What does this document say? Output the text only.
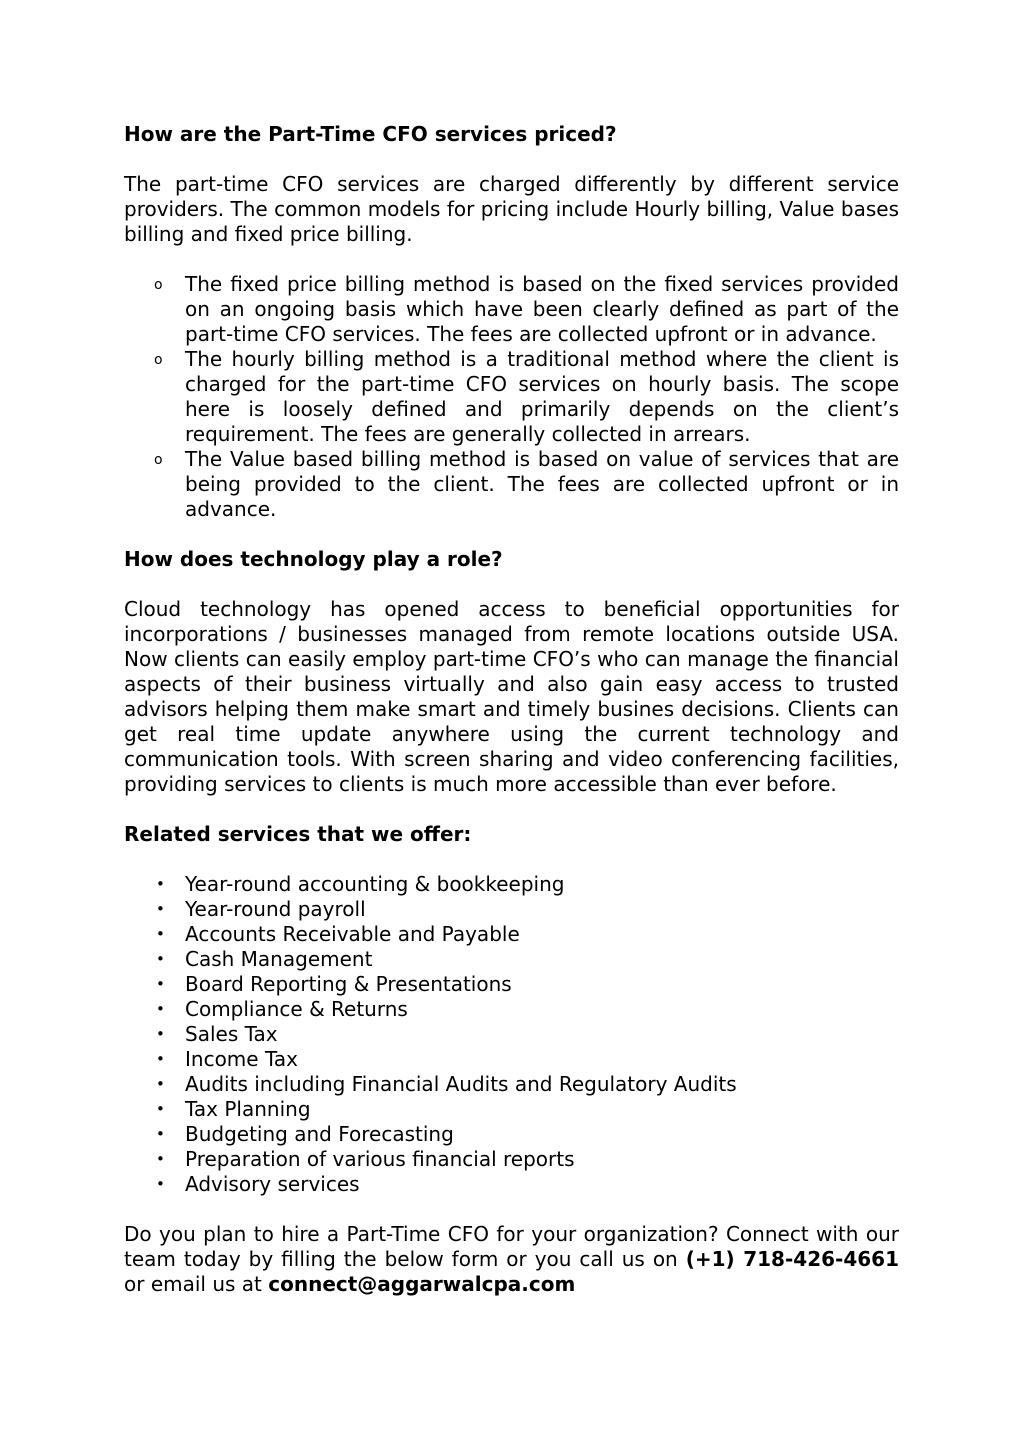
How are the Part-Time CFO services priced?

The part-time CFO services are charged differently by different service providers. The common models for pricing include Hourly billing, Value bases billing and fixed price billing.

o	The fixed price billing method is based on the fixed services provided on an ongoing basis which have been clearly defined as part of the part-time CFO services. The fees are collected upfront or in advance.
o	The hourly billing method is a traditional method where the client is charged for the part-time CFO services on hourly basis. The scope here is loosely defined and primarily depends on the client’s requirement. The fees are generally collected in arrears.
o	The Value based billing method is based on value of services that are being provided to the client. The fees are collected upfront or in advance.
How does technology play a role?

Cloud technology has opened access to beneficial opportunities for incorporations / businesses managed from remote locations outside USA. Now clients can easily employ part-time CFO’s who can manage the financial aspects of their business virtually and also gain easy access to trusted advisors helping them make smart and timely busines decisions. Clients can get real time update anywhere using the current technology and communication tools. With screen sharing and video conferencing facilities, providing services to clients is much more accessible than ever before.

Related services that we offer:
•	Year-round accounting & bookkeeping
•	Year-round payroll
•	Accounts Receivable and Payable
•	Cash Management
•	Board Reporting & Presentations
•	Compliance & Returns
•	Sales Tax
•	Income Tax
•	Audits including Financial Audits and Regulatory Audits
•	Tax Planning
•	Budgeting and Forecasting
•	Preparation of various financial reports
•	Advisory services

Do you plan to hire a Part-Time CFO for your organization? Connect with our team today by filling the below form or you call us on (+1) 718-426-4661 or email us at connect@aggarwalcpa.com
